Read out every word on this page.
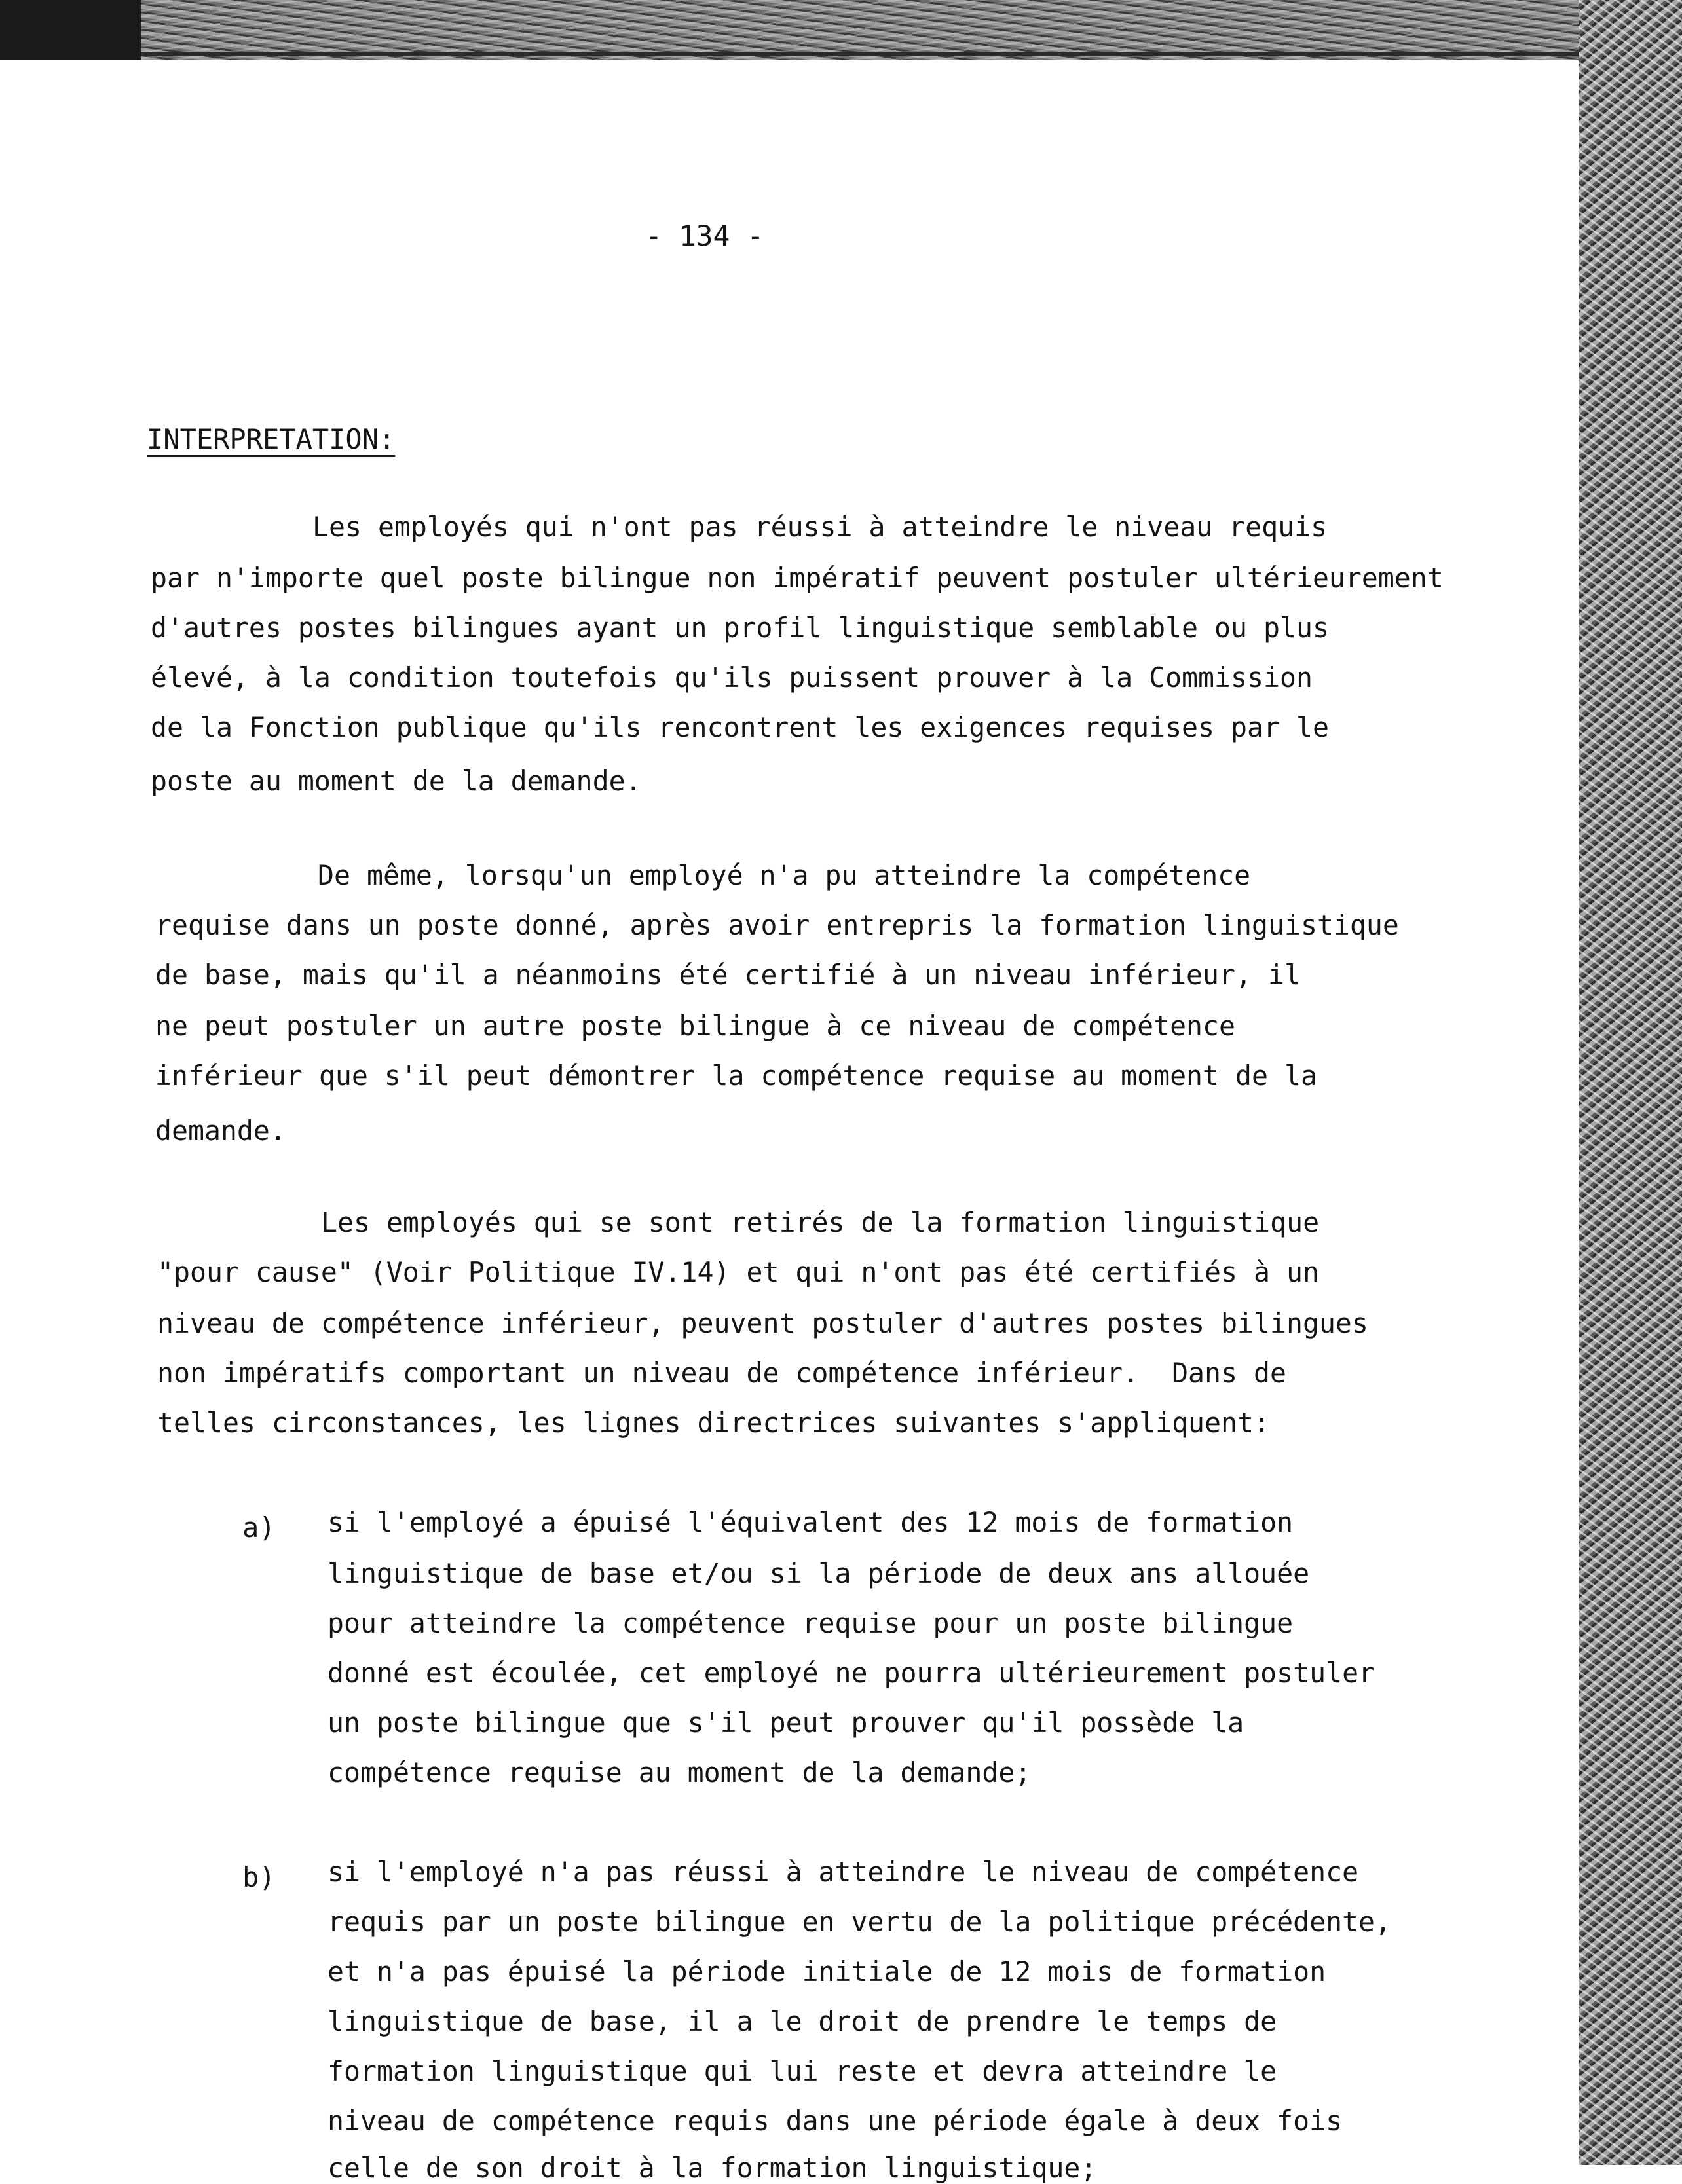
- 134 -
INTERPRETATION:
Les employés qui n'ont pas réussi à atteindre le niveau requis
par n'importe quel poste bilingue non impératif peuvent postuler ultérieurement
d'autres postes bilingues ayant un profil linguistique semblable ou plus
élevé, à la condition toutefois qu'ils puissent prouver à la Commission
de la Fonction publique qu'ils rencontrent les exigences requises par le
poste au moment de la demande.
De même, lorsqu'un employé n'a pu atteindre la compétence
requise dans un poste donné, après avoir entrepris la formation linguistique
de base, mais qu'il a néanmoins été certifié à un niveau inférieur, il
ne peut postuler un autre poste bilingue à ce niveau de compétence
inférieur que s'il peut démontrer la compétence requise au moment de la
demande.
Les employés qui se sont retirés de la formation linguistique
"pour cause" (Voir Politique IV.14) et qui n'ont pas été certifiés à un
niveau de compétence inférieur, peuvent postuler d'autres postes bilingues
non impératifs comportant un niveau de compétence inférieur.  Dans de
telles circonstances, les lignes directrices suivantes s'appliquent:
a) si l'employé a épuisé l'équivalent des 12 mois de formation
linguistique de base et/ou si la période de deux ans allouée
pour atteindre la compétence requise pour un poste bilingue
donné est écoulée, cet employé ne pourra ultérieurement postuler
un poste bilingue que s'il peut prouver qu'il possède la
compétence requise au moment de la demande;
b) si l'employé n'a pas réussi à atteindre le niveau de compétence
requis par un poste bilingue en vertu de la politique précédente,
et n'a pas épuisé la période initiale de 12 mois de formation
linguistique de base, il a le droit de prendre le temps de
formation linguistique qui lui reste et devra atteindre le
niveau de compétence requis dans une période égale à deux fois
celle de son droit à la formation linguistique;
